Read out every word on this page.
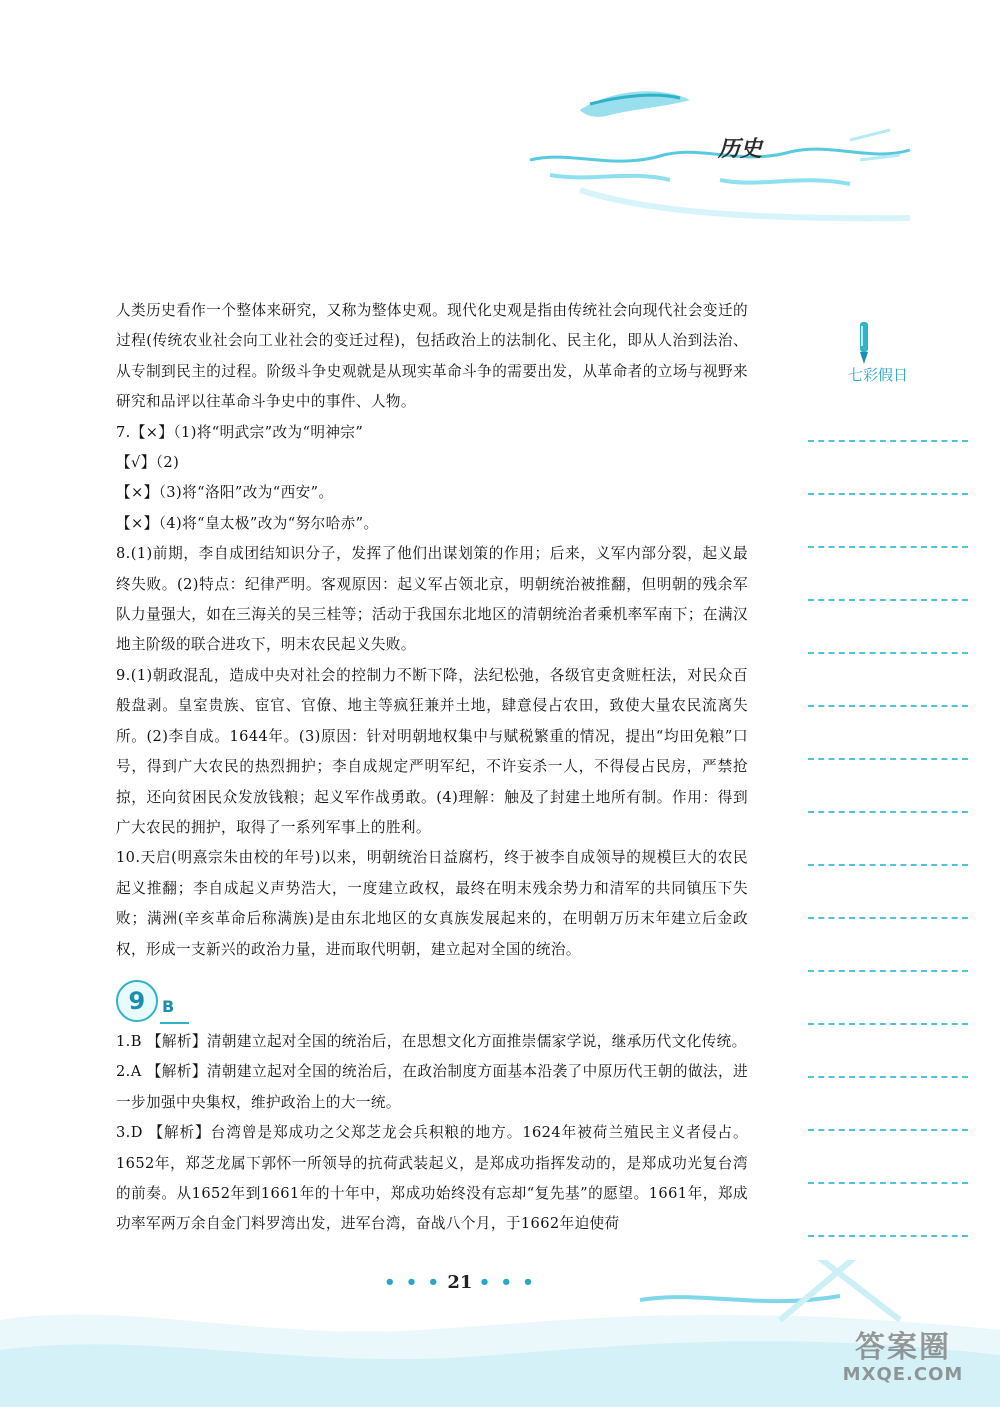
历史

人类历史看作一个整体来研究，又称为整体史观。现代化史观是指由传统社会向现代社会变迁的过程(传统农业社会向工业社会的变迁过程)，包括政治上的法制化、民主化，即从人治到法治、从专制到民主的过程。阶级斗争史观就是从现实革命斗争的需要出发，从革命者的立场与视野来研究和品评以往革命斗争史中的事件、人物。

7.【×】（1)将“明武宗”改为“明神宗”

【√】（2)

【×】（3)将“洛阳”改为“西安”。

【×】（4)将“皇太极”改为“努尔哈赤”。

8.(1)前期，李自成团结知识分子，发挥了他们出谋划策的作用；后来，义军内部分裂，起义最终失败。(2)特点：纪律严明。客观原因：起义军占领北京，明朝统治被推翻，但明朝的残余军队力量强大，如在三海关的吴三桂等；活动于我国东北地区的清朝统治者乘机率军南下；在满汉地主阶级的联合进攻下，明末农民起义失败。

9.(1)朝政混乱，造成中央对社会的控制力不断下降，法纪松弛，各级官吏贪赃枉法，对民众百般盘剥。皇室贵族、宦官、官僚、地主等疯狂兼并土地，肆意侵占农田，致使大量农民流离失所。(2)李自成。1644年。(3)原因：针对明朝地权集中与赋税繁重的情况，提出“均田免粮”口号，得到广大农民的热烈拥护；李自成规定严明军纪，不许妄杀一人，不得侵占民房，严禁抢掠，还向贫困民众发放钱粮；起义军作战勇敢。(4)理解：触及了封建土地所有制。作用：得到广大农民的拥护，取得了一系列军事上的胜利。

10.天启(明熹宗朱由校的年号)以来，明朝统治日益腐朽，终于被李自成领导的规模巨大的农民起义推翻；李自成起义声势浩大，一度建立政权，最终在明末残余势力和清军的共同镇压下失败；满洲(辛亥革命后称满族)是由东北地区的女真族发展起来的，在明朝万历末年建立后金政权，形成一支新兴的政治力量，进而取代明朝，建立起对全国的统治。

9	B

1.B 【解析】清朝建立起对全国的统治后，在思想文化方面推崇儒家学说，继承历代文化传统。

2.A 【解析】清朝建立起对全国的统治后，在政治制度方面基本沿袭了中原历代王朝的做法，进一步加强中央集权，维护政治上的大一统。

3.D 【解析】台湾曾是郑成功之父郑芝龙会兵积粮的地方。1624年被荷兰殖民主义者侵占。1652年，郑芝龙属下郭怀一所领导的抗荷武装起义，是郑成功指挥发动的，是郑成功光复台湾的前奏。从1652年到1661年的十年中，郑成功始终没有忘却“复先基”的愿望。1661年，郑成功率军两万余自金门料罗湾出发，进军台湾，奋战八个月，于1662年迫使荷

七彩假日
• • • 21 • • •
答案圈
MXQE.COM
